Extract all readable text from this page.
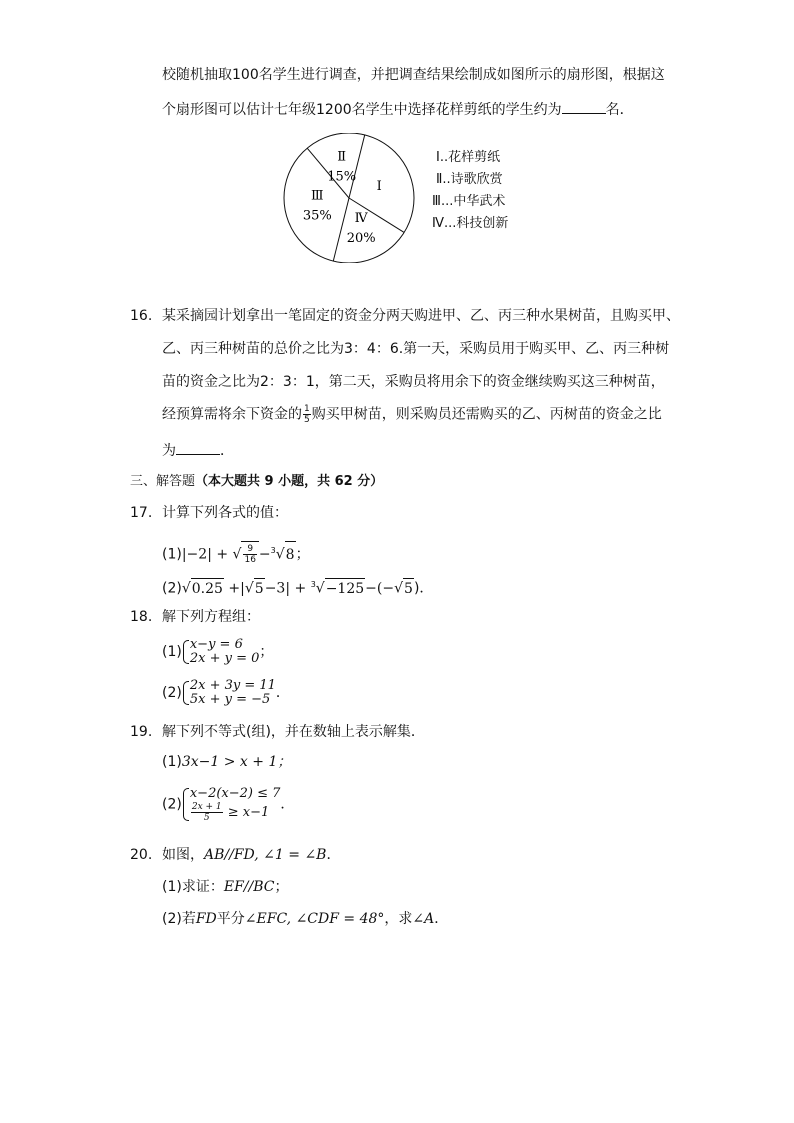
校随机抽取100名学生进行调查，并把调查结果绘制成如图所示的扇形图，根据这
个扇形图可以估计七年级1200名学生中选择花样剪纸的学生约为	名．
Ⅰ
Ⅱ
15%
Ⅲ
35% Ⅳ
20%
Ⅰ..花样剪纸
Ⅱ..诗歌欣赏
Ⅲ...中华武术
Ⅳ...科技创新
16. 某采摘园计划拿出一笔固定的资金分两天购进甲、乙、丙三种水果树苗，且购买甲、
乙、丙三种树苗的总价之比为3：4：6.第一天，采购员用于购买甲、乙、丙三种树
苗的资金之比为2：3：1，第二天，采购员将用余下的资金继续购买这三种树苗，
经预算需将余下资金的 $\frac{1}{5}$ 购买甲树苗，则采购员还需购买的乙、丙树苗的资金之比
为	．
三、解答题（本大题共 9 小题，共 62 分）
17. 计算下列各式的值：
(1)|−2| + √ $\frac{9}{16} -^3√8$；
(2)√0.25 +|√5−3| + $^3$√−125−(−√5)．
18. 解下列方程组：
(1) x−y = 6
2x + y = 0 ；
(2) 2x + 3y = 11
5x + y = −5 ．
19. 解下列不等式(组)，并在数轴上表示解集．
(1)3x−1 > x + 1；
(2)
x−2(x−2) ≤ 7
$\frac{2x + 1}{5} \ge x-1$ ．
20. 如图，AB//FD, ∠1 = ∠B．
(1)求证：EF//BC；
(2)若FD平分∠EFC, ∠CDF = 48°，求∠A．
